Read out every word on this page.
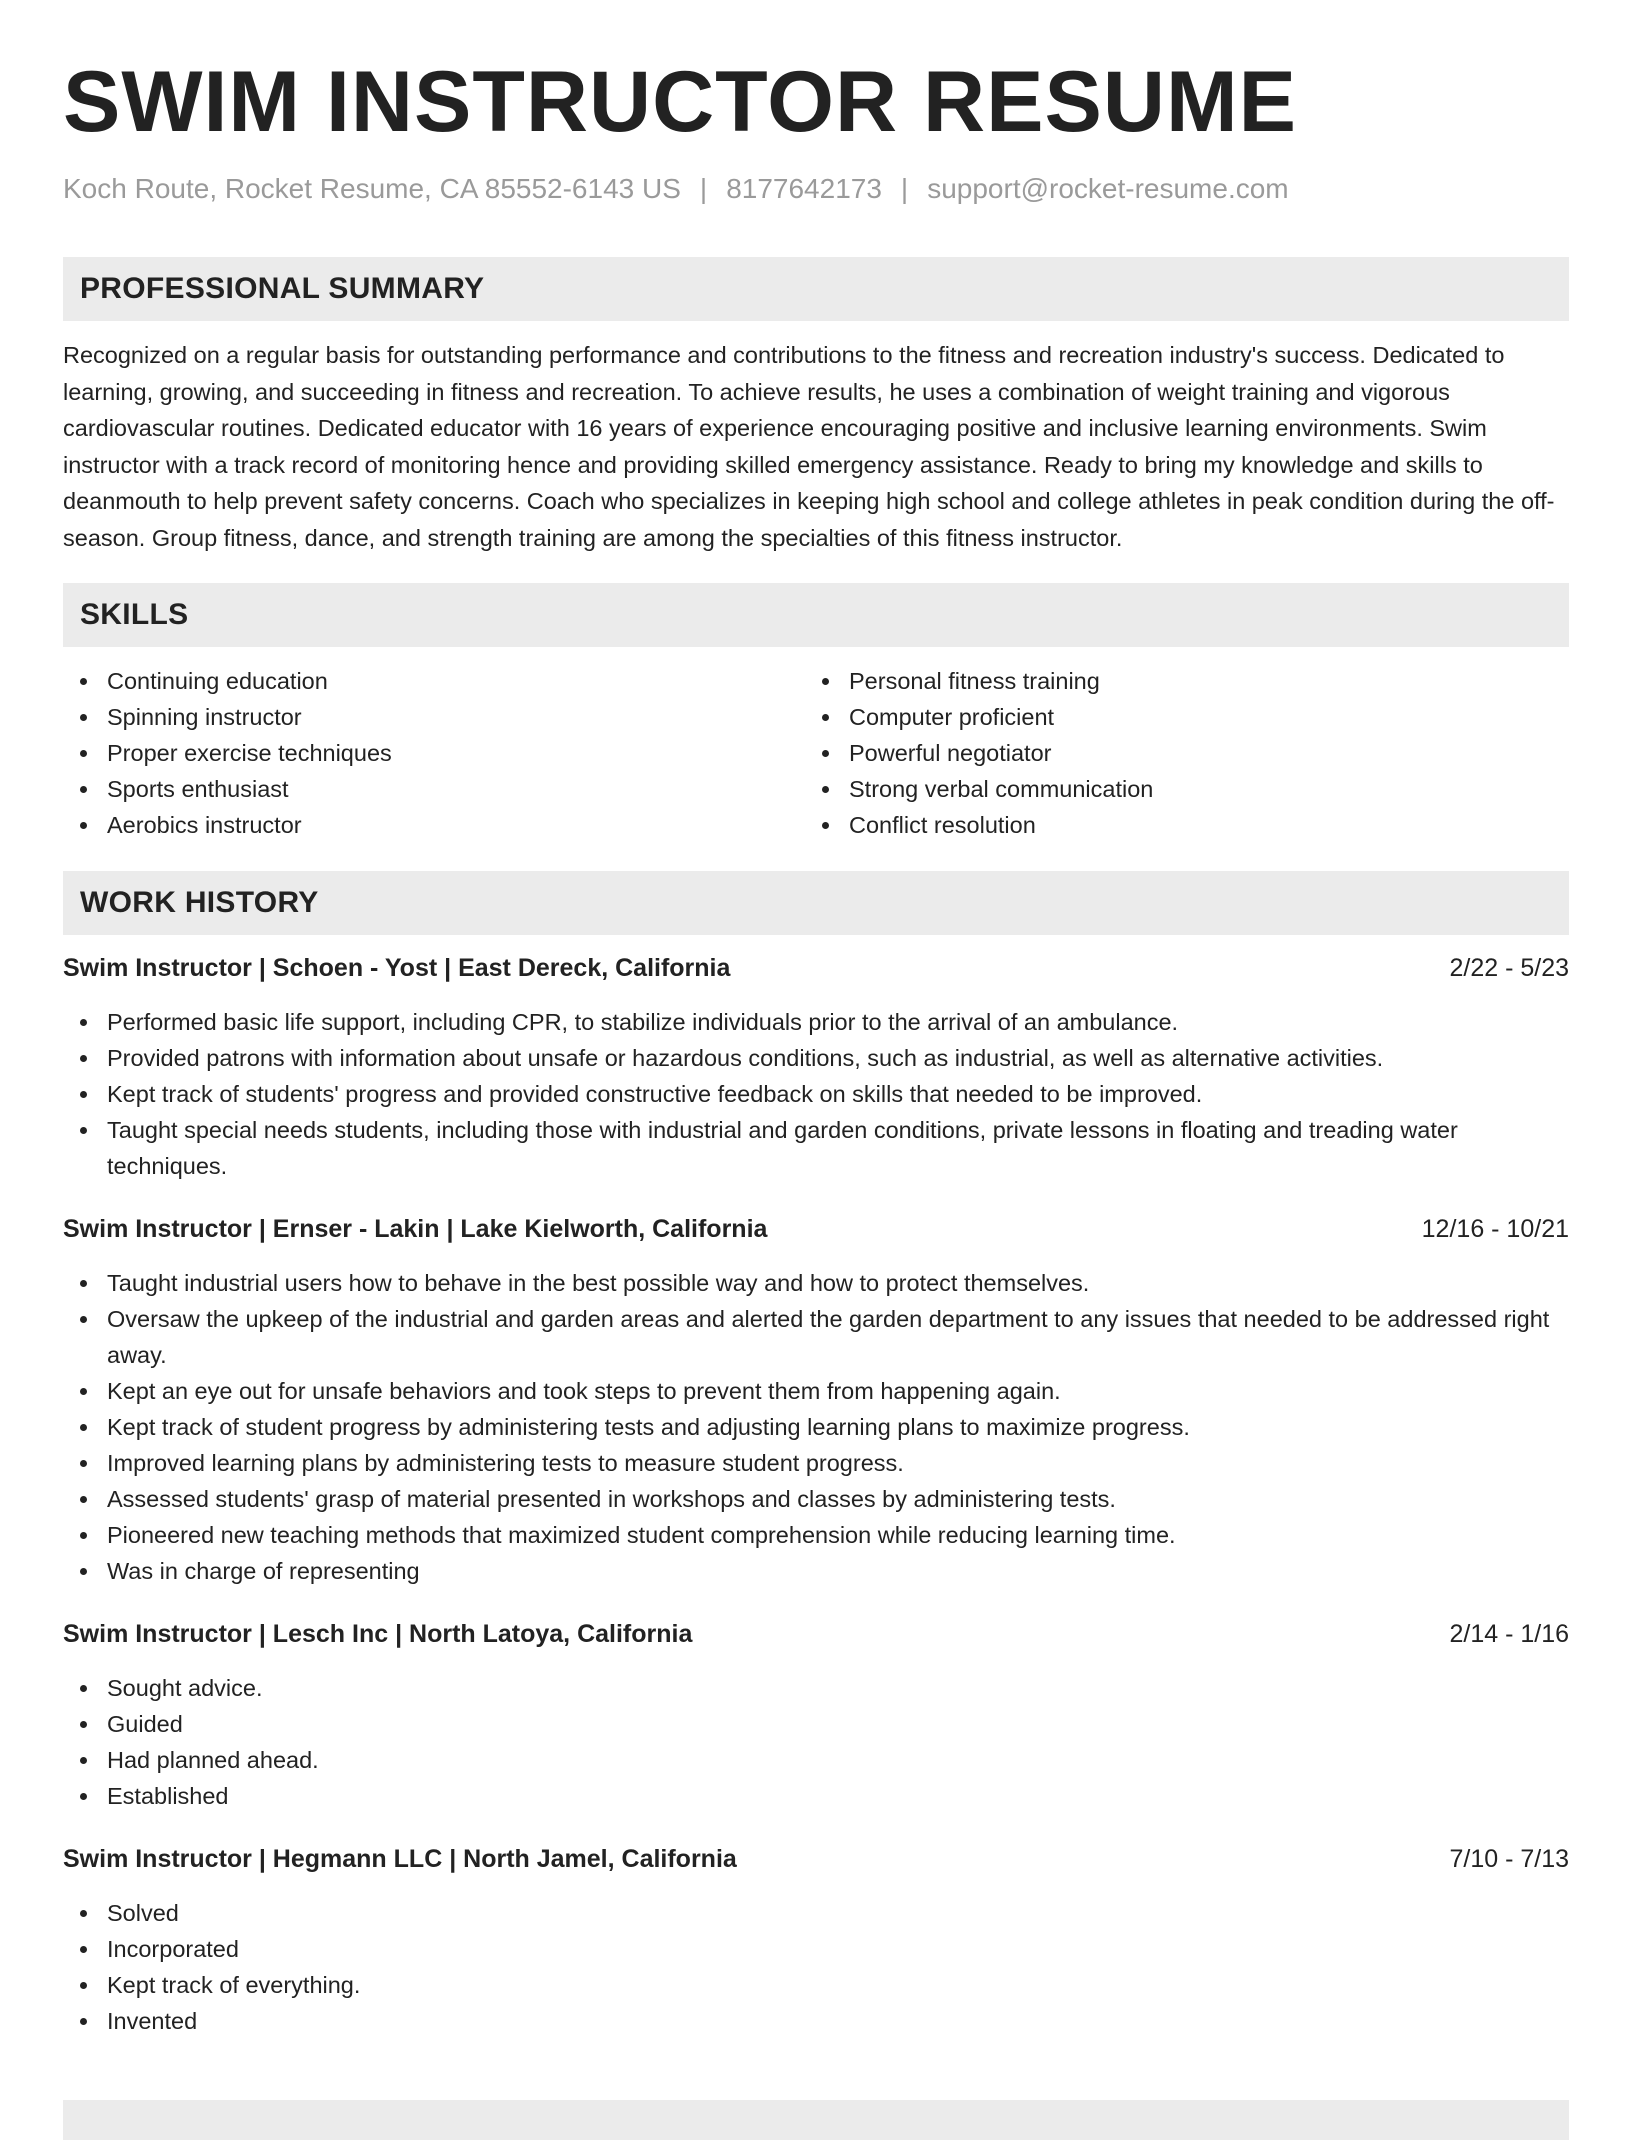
SWIM INSTRUCTOR RESUME
Koch Route, Rocket Resume, CA 85552-6143 US | 8177642173 | support@rocket-resume.com
PROFESSIONAL SUMMARY

Recognized on a regular basis for outstanding performance and contributions to the fitness and recreation industry's success. Dedicated to learning, growing, and succeeding in fitness and recreation. To achieve results, he uses a combination of weight training and vigorous cardiovascular routines. Dedicated educator with 16 years of experience encouraging positive and inclusive learning environments. Swim instructor with a track record of monitoring hence and providing skilled emergency assistance. Ready to bring my knowledge and skills to deanmouth to help prevent safety concerns. Coach who specializes in keeping high school and college athletes in peak condition during the off-season. Group fitness, dance, and strength training are among the specialties of this fitness instructor.

SKILLS
Continuing education
Spinning instructor
Proper exercise techniques
Sports enthusiast
Aerobics instructor
Personal fitness training
Computer proficient
Powerful negotiator
Strong verbal communication
Conflict resolution
WORK HISTORY
Swim Instructor | Schoen - Yost | East Dereck, California	2/22 - 5/23
Performed basic life support, including CPR, to stabilize individuals prior to the arrival of an ambulance.
Provided patrons with information about unsafe or hazardous conditions, such as industrial, as well as alternative activities.
Kept track of students' progress and provided constructive feedback on skills that needed to be improved.
Taught special needs students, including those with industrial and garden conditions, private lessons in floating and treading water techniques.
Swim Instructor | Ernser - Lakin | Lake Kielworth, California	12/16 - 10/21
Taught industrial users how to behave in the best possible way and how to protect themselves.
Oversaw the upkeep of the industrial and garden areas and alerted the garden department to any issues that needed to be addressed right away.
Kept an eye out for unsafe behaviors and took steps to prevent them from happening again.
Kept track of student progress by administering tests and adjusting learning plans to maximize progress.
Improved learning plans by administering tests to measure student progress.
Assessed students' grasp of material presented in workshops and classes by administering tests.
Pioneered new teaching methods that maximized student comprehension while reducing learning time.
Was in charge of representing
Swim Instructor | Lesch Inc | North Latoya, California	2/14 - 1/16
Sought advice.
Guided
Had planned ahead.
Established
Swim Instructor | Hegmann LLC | North Jamel, California	7/10 - 7/13
Solved
Incorporated
Kept track of everything.
Invented
